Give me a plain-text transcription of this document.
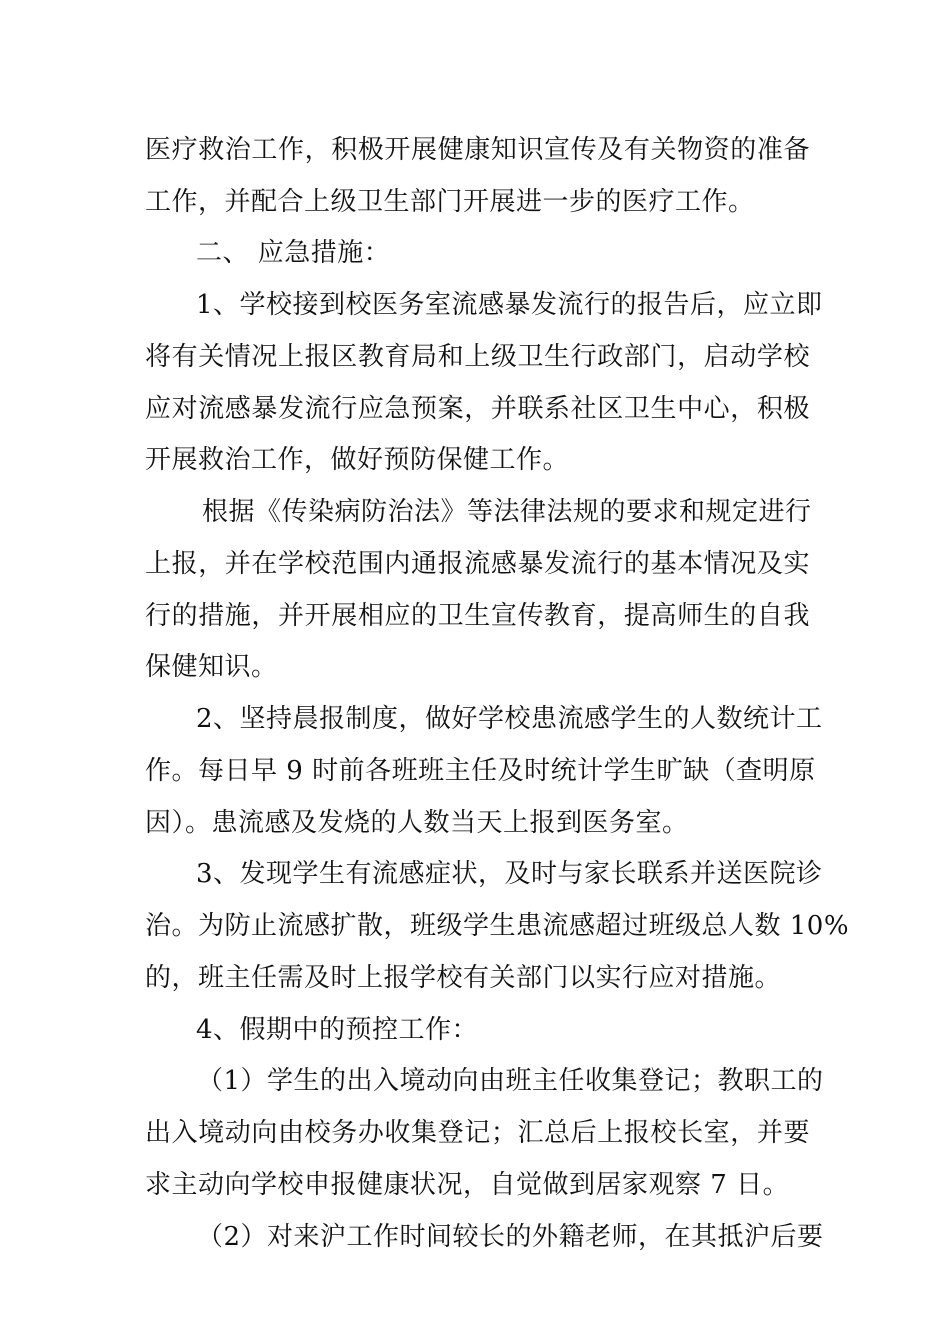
医疗救治工作，积极开展健康知识宣传及有关物资的准备
工作，并配合上级卫生部门开展进一步的医疗工作。
二、 应急措施：
1、学校接到校医务室流感暴发流行的报告后，应立即
将有关情况上报区教育局和上级卫生行政部门，启动学校
应对流感暴发流行应急预案，并联系社区卫生中心，积极
开展救治工作，做好预防保健工作。
根据《传染病防治法》等法律法规的要求和规定进行
上报，并在学校范围内通报流感暴发流行的基本情况及实
行的措施，并开展相应的卫生宣传教育，提高师生的自我
保健知识。
2、坚持晨报制度，做好学校患流感学生的人数统计工
作。每日早 9 时前各班班主任及时统计学生旷缺（查明原
因）。患流感及发烧的人数当天上报到医务室。
3、发现学生有流感症状，及时与家长联系并送医院诊
治。为防止流感扩散，班级学生患流感超过班级总人数 10%
的，班主任需及时上报学校有关部门以实行应对措施。
4、假期中的预控工作：
（1）学生的出入境动向由班主任收集登记；教职工的
出入境动向由校务办收集登记；汇总后上报校长室，并要
求主动向学校申报健康状况，自觉做到居家观察 7 日。
（2）对来沪工作时间较长的外籍老师，在其抵沪后要
